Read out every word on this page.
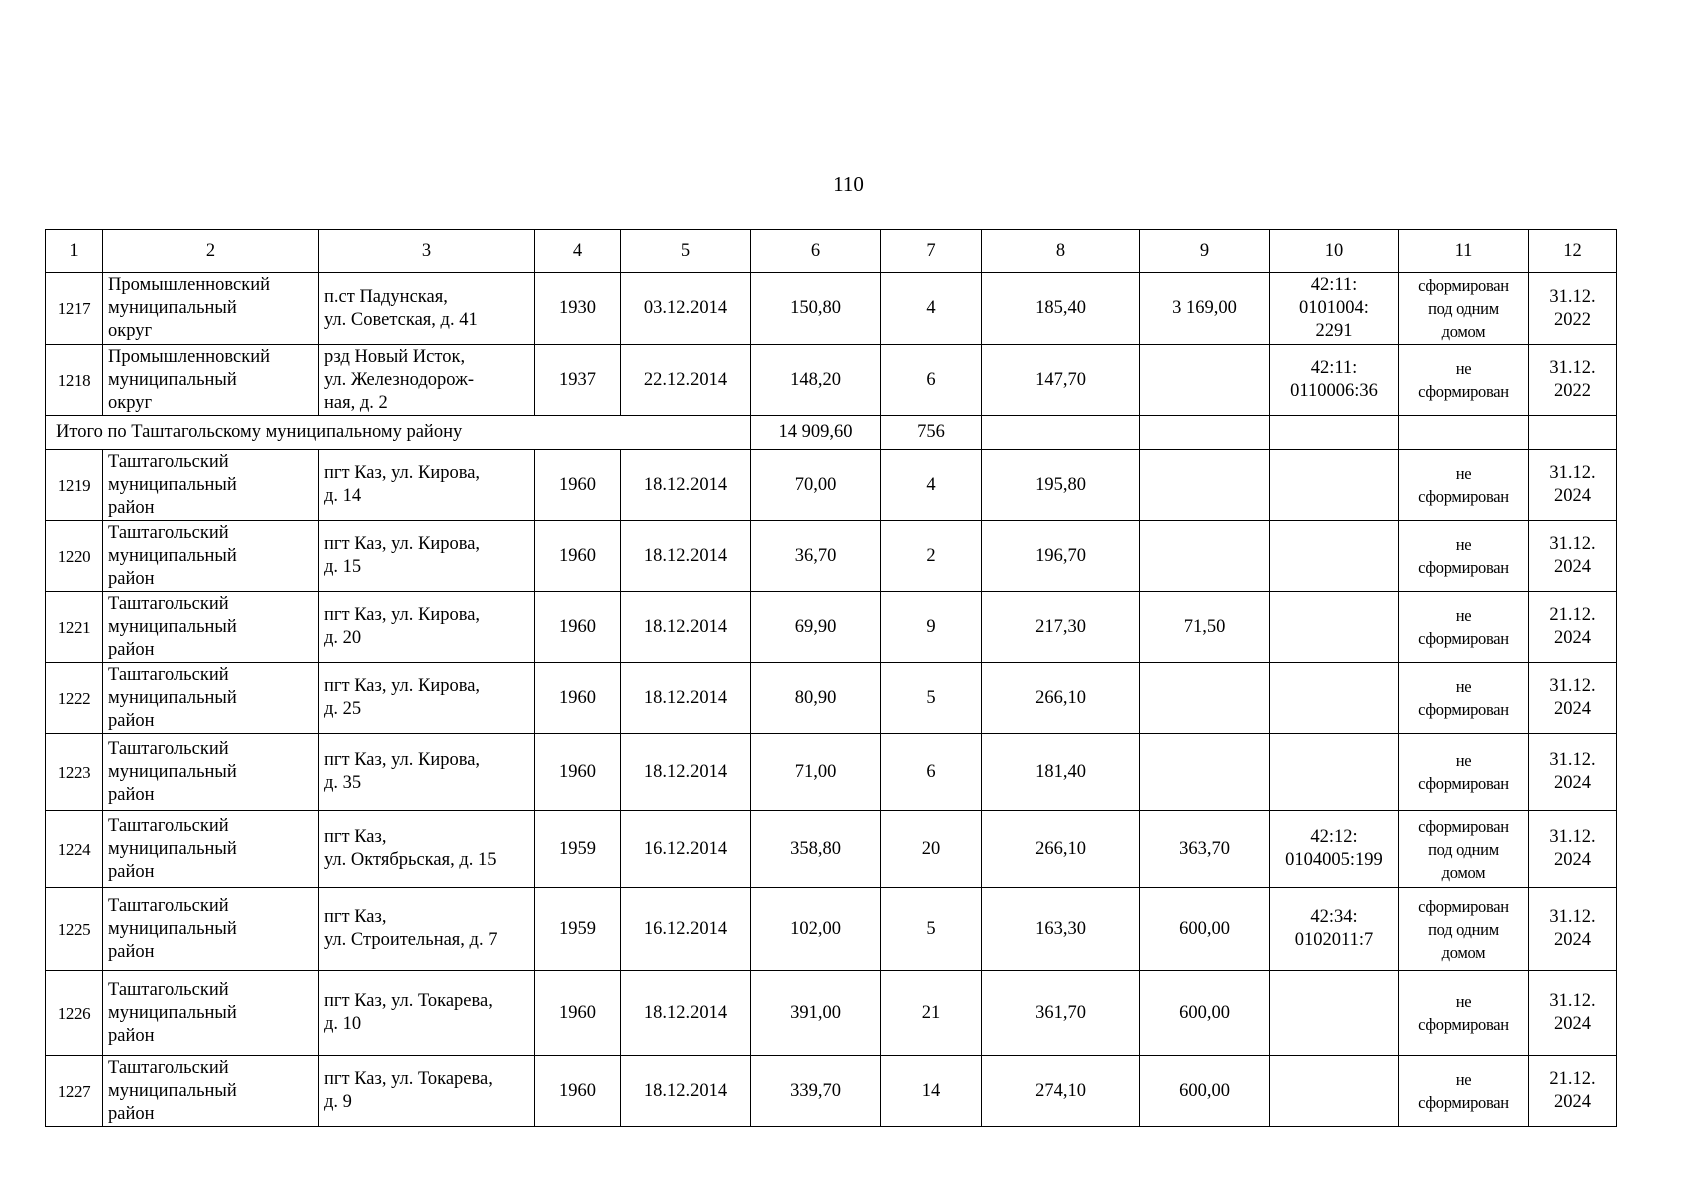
110
1	2	3	4	5	6	7	8	9	10	11	12
1217	Промышленновский
муниципальный
округ	п.ст Падунская,
ул. Советская, д. 41	1930	03.12.2014	150,80	4	185,40	3 169,00	42:11:
0101004:
2291	сформирован
под одним
домом	31.12.
2022
1218	Промышленновский
муниципальный
округ	рзд Новый Исток,
ул. Железнодорож-
ная, д. 2	1937	22.12.2014	148,20	6	147,70		42:11:
0110006:36	не
сформирован	31.12.
2022
Итого по Таштагольскому муниципальному району					14 909,60	756					
1219	Таштагольский
муниципальный
район	пгт Каз, ул. Кирова,
д. 14	1960	18.12.2014	70,00	4	195,80			не
сформирован	31.12.
2024
1220	Таштагольский
муниципальный
район	пгт Каз, ул. Кирова,
д. 15	1960	18.12.2014	36,70	2	196,70			не
сформирован	31.12.
2024
1221	Таштагольский
муниципальный
район	пгт Каз, ул. Кирова,
д. 20	1960	18.12.2014	69,90	9	217,30	71,50		не
сформирован	21.12.
2024
1222	Таштагольский
муниципальный
район	пгт Каз, ул. Кирова,
д. 25	1960	18.12.2014	80,90	5	266,10			не
сформирован	31.12.
2024
1223	Таштагольский
муниципальный
район	пгт Каз, ул. Кирова,
д. 35	1960	18.12.2014	71,00	6	181,40			не
сформирован	31.12.
2024
1224	Таштагольский
муниципальный
район	пгт Каз,
ул. Октябрьская, д. 15	1959	16.12.2014	358,80	20	266,10	363,70	42:12:
0104005:199	сформирован
под одним
домом	31.12.
2024
1225	Таштагольский
муниципальный
район	пгт Каз,
ул. Строительная, д. 7	1959	16.12.2014	102,00	5	163,30	600,00	42:34:
0102011:7	сформирован
под одним
домом	31.12.
2024
1226	Таштагольский
муниципальный
район	пгт Каз, ул. Токарева,
д. 10	1960	18.12.2014	391,00	21	361,70	600,00		не
сформирован	31.12.
2024
1227	Таштагольский
муниципальный
район	пгт Каз, ул. Токарева,
д. 9	1960	18.12.2014	339,70	14	274,10	600,00		не
сформирован	21.12.
2024
